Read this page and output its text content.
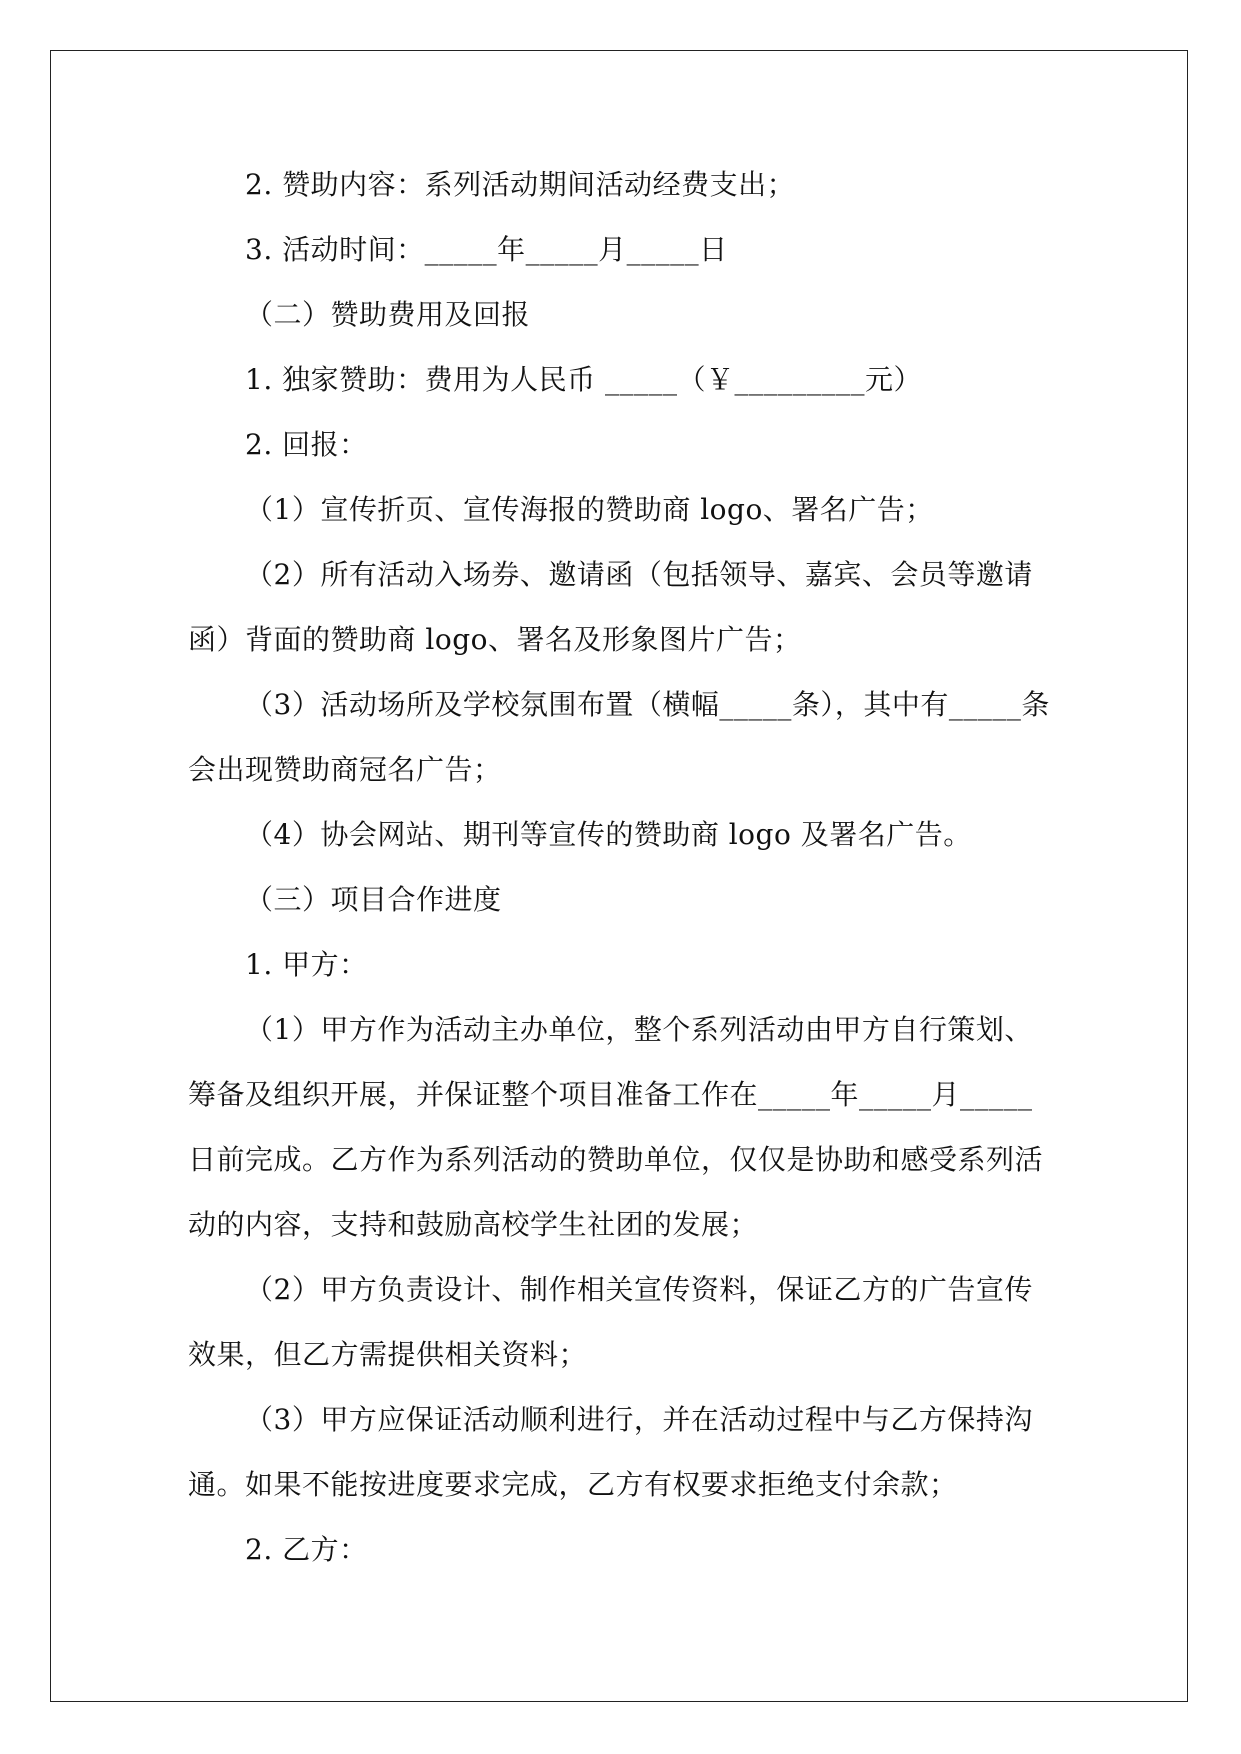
2. 赞助内容：系列活动期间活动经费支出；

3. 活动时间：_____年_____月_____日

（二）赞助费用及回报

1. 独家赞助：费用为人民币 _____（￥_________元）

2. 回报：

（1）宣传折页、宣传海报的赞助商 logo、署名广告；

（2）所有活动入场券、邀请函（包括领导、嘉宾、会员等邀请

函）背面的赞助商 logo、署名及形象图片广告；

（3）活动场所及学校氛围布置（横幅_____条），其中有_____条

会出现赞助商冠名广告；

（4）协会网站、期刊等宣传的赞助商 logo 及署名广告。

（三）项目合作进度

1. 甲方：

（1）甲方作为活动主办单位，整个系列活动由甲方自行策划、

筹备及组织开展，并保证整个项目准备工作在_____年_____月_____

日前完成。乙方作为系列活动的赞助单位，仅仅是协助和感受系列活

动的内容，支持和鼓励高校学生社团的发展；

（2）甲方负责设计、制作相关宣传资料，保证乙方的广告宣传

效果，但乙方需提供相关资料；

（3）甲方应保证活动顺利进行，并在活动过程中与乙方保持沟

通。如果不能按进度要求完成，乙方有权要求拒绝支付余款；

2. 乙方：
